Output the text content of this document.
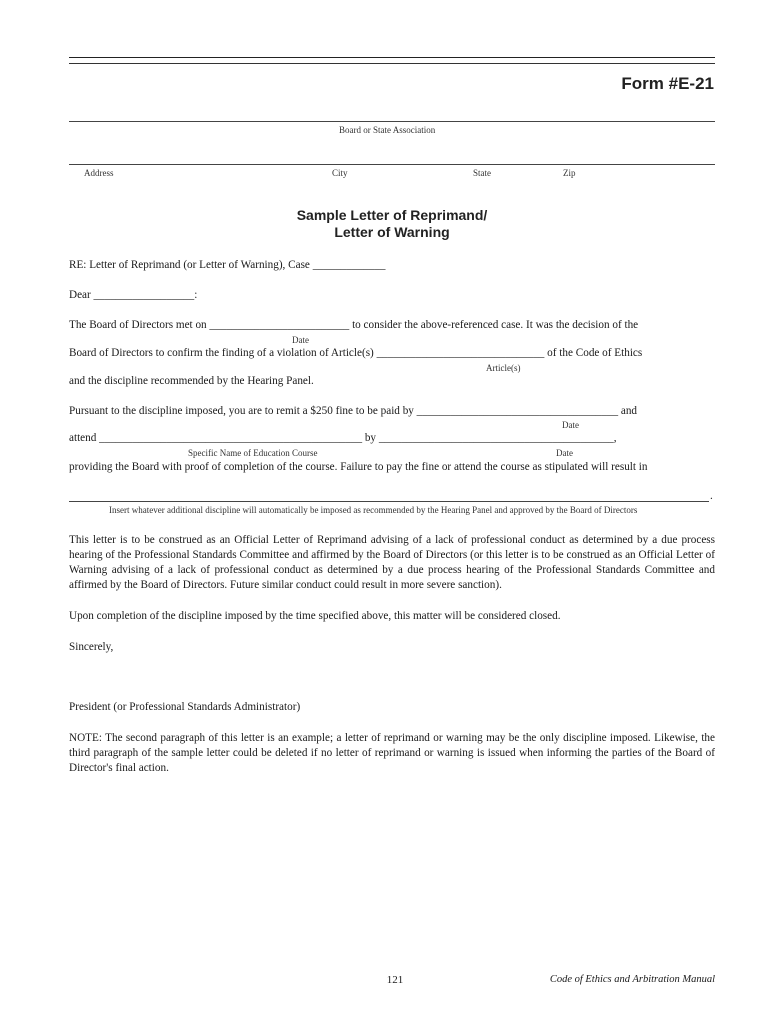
Form #E-21
Board or State Association
Address	City	State	Zip
Sample Letter of Reprimand/
Letter of Warning
RE: Letter of Reprimand (or Letter of Warning), Case _____________
Dear __________________:
The Board of Directors met on _________________________ to consider the above-referenced case. It was the decision of the
Date
Board of Directors to confirm the finding of a violation of Article(s) ______________________________ of the Code of Ethics
Article(s)
and the discipline recommended by the Hearing Panel.
Pursuant to the discipline imposed, you are to remit a $250 fine to be paid by ____________________________________ and
Date
attend _______________________________________________ by __________________________________________,
Specific Name of Education Course	Date
providing the Board with proof of completion of the course. Failure to pay the fine or attend the course as stipulated will result in
.
Insert whatever additional discipline will automatically be imposed as recommended by the Hearing Panel and approved by the Board of Directors
This letter is to be construed as an Official Letter of Reprimand advising of a lack of professional conduct as determined by a due process hearing of the Professional Standards Committee and affirmed by the Board of Directors (or this letter is to be construed as an Official Letter of Warning advising of a lack of professional conduct as determined by a due process hearing of the Professional Standards Committee and affirmed by the Board of Directors. Future similar conduct could result in more severe sanction).
Upon completion of the discipline imposed by the time specified above, this matter will be considered closed.
Sincerely,
President (or Professional Standards Administrator)
NOTE: The second paragraph of this letter is an example; a letter of reprimand or warning may be the only discipline imposed. Likewise, the third paragraph of the sample letter could be deleted if no letter of reprimand or warning is issued when informing the parties of the Board of Director's final action.
121	Code of Ethics and Arbitration Manual
